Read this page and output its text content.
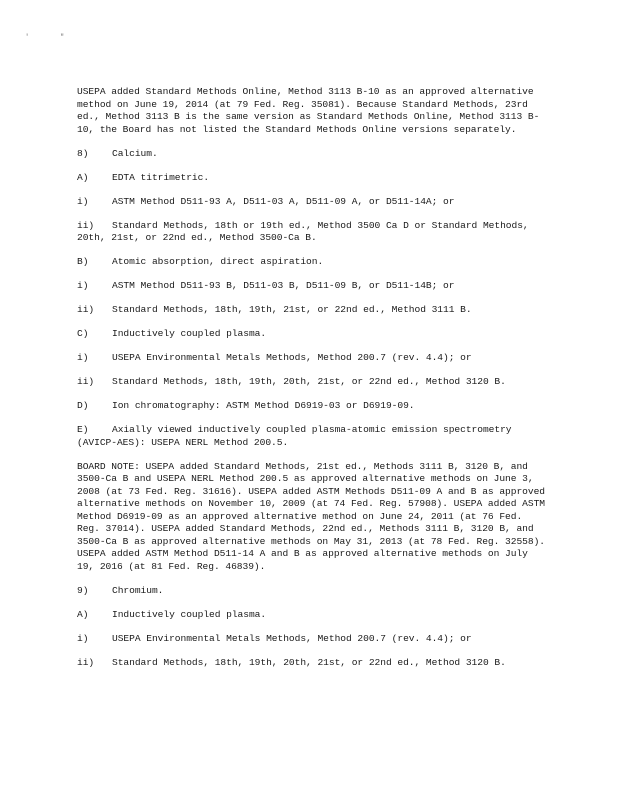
'	"

USEPA added Standard Methods Online, Method 3113 B-10 as an approved alternative method on June 19, 2014 (at 79 Fed. Reg. 35081). Because Standard Methods, 23rd ed., Method 3113 B is the same version as Standard Methods Online, Method 3113 B-10, the Board has not listed the Standard Methods Online versions separately.

8)	Calcium.
A)	EDTA titrimetric.
i)	ASTM Method D511-93 A, D511-03 A, D511-09 A, or D511-14A; or
ii) Standard Methods, 18th or 19th ed., Method 3500 Ca D or Standard Methods, 20th, 21st, or 22nd ed., Method 3500-Ca B.
B)	Atomic absorption, direct aspiration.
i)	ASTM Method D511-93 B, D511-03 B, D511-09 B, or D511-14B; or
ii)	Standard Methods, 18th, 19th, 21st, or 22nd ed., Method 3111 B.
C)	Inductively coupled plasma.
i)	USEPA Environmental Metals Methods, Method 200.7 (rev. 4.4); or
ii) Standard Methods, 18th, 19th, 20th, 21st, or 22nd ed., Method 3120 B.
D)	Ion chromatography: ASTM Method D6919-03 or D6919-09.
E) Axially viewed inductively coupled plasma-atomic emission spectrometry (AVICP-AES): USEPA NERL Method 200.5.

BOARD NOTE: USEPA added Standard Methods, 21st ed., Methods 3111 B, 3120 B, and 3500-Ca B and USEPA NERL Method 200.5 as approved alternative methods on June 3, 2008 (at 73 Fed. Reg. 31616). USEPA added ASTM Methods D511-09 A and B as approved alternative methods on November 10, 2009 (at 74 Fed. Reg. 57908). USEPA added ASTM Method D6919-09 as an approved alternative method on June 24, 2011 (at 76 Fed. Reg. 37014). USEPA added Standard Methods, 22nd ed., Methods 3111 B, 3120 B, and 3500-Ca B as approved alternative methods on May 31, 2013 (at 78 Fed. Reg. 32558). USEPA added ASTM Method D511-14 A and B as approved alternative methods on July 19, 2016 (at 81 Fed. Reg. 46839).

9)	Chromium.
A)	Inductively coupled plasma.
i)	USEPA Environmental Metals Methods, Method 200.7 (rev. 4.4); or
ii) Standard Methods, 18th, 19th, 20th, 21st, or 22nd ed., Method 3120 B.
